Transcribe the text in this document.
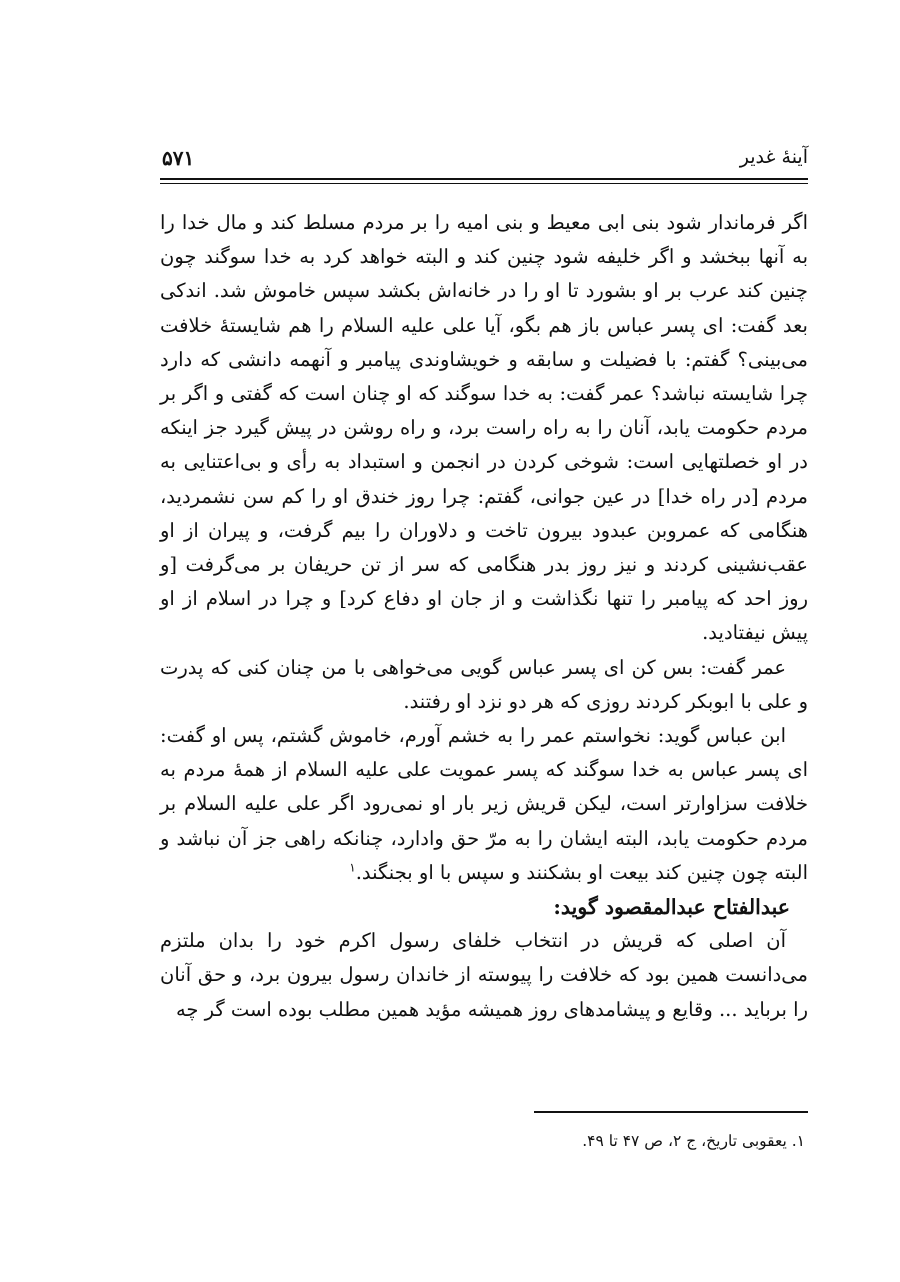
آینهٔ غدیر
۵۷۱

اگر فرماندار شود بنی ابی معیط و بنی امیه را بر مردم مسلط کند و مال خدا را به آنها ببخشد و اگر خلیفه شود چنین کند و البته خواهد کرد به خدا سوگند چون چنین کند عرب بر او بشورد تا او را در خانه‌اش بکشد سپس خاموش شد. اندکی بعد گفت: ای پسر عباس باز هم بگو، آیا علی علیه السلام را هم شایستهٔ خلافت می‌بینی؟ گفتم: با فضیلت و سابقه و خویشاوندی پیامبر و آنهمه دانشی که دارد چرا شایسته نباشد؟ عمر گفت: به خدا سوگند که او چنان است که گفتی و اگر بر مردم حکومت یابد، آنان را به راه راست برد، و راه روشن در پیش گیرد جز اینکه در او خصلتهایی است: شوخی کردن در انجمن و استبداد به رأی و بی‌اعتنایی به مردم [در راه خدا] در عین جوانی، گفتم: چرا روز خندق او را کم سن نشمردید، هنگامی که عمروبن عبدود بیرون تاخت و دلاوران را بیم گرفت، و پیران از او عقب‌نشینی کردند و نیز روز بدر هنگامی که سر از تن حریفان بر می‌گرفت [و روز احد که پیامبر را تنها نگذاشت و از جان او دفاع کرد] و چرا در اسلام از او پیش نیفتادید.

عمر گفت: بس کن ای پسر عباس گویی می‌خواهی با من چنان کنی که پدرت و علی با ابوبکر کردند روزی که هر دو نزد او رفتند.

ابن عباس گوید: نخواستم عمر را به خشم آورم، خاموش گشتم، پس او گفت: ای پسر عباس به خدا سوگند که پسر عمویت علی علیه السلام از همهٔ مردم به خلافت سزاوارتر است، لیکن قریش زیر بار او نمی‌رود اگر علی علیه السلام بر مردم حکومت یابد، البته ایشان را به مرّ حق وادارد، چنانکه راهی جز آن نباشد و البته چون چنین کند بیعت او بشکنند و سپس با او بجنگند.$^۱$

عبدالفتاح عبدالمقصود گوید:

آن اصلی که قریش در انتخاب خلفای رسول اکرم خود را بدان ملتزم می‌دانست همین بود که خلافت را پیوسته از خاندان رسول بیرون برد، و حق آنان را برباید ... وقایع و پیشامدهای روز همیشه مؤید همین مطلب بوده است گر چه

۱. یعقوبی تاریخ، ج ۲، ص ۴۷ تا ۴۹.
